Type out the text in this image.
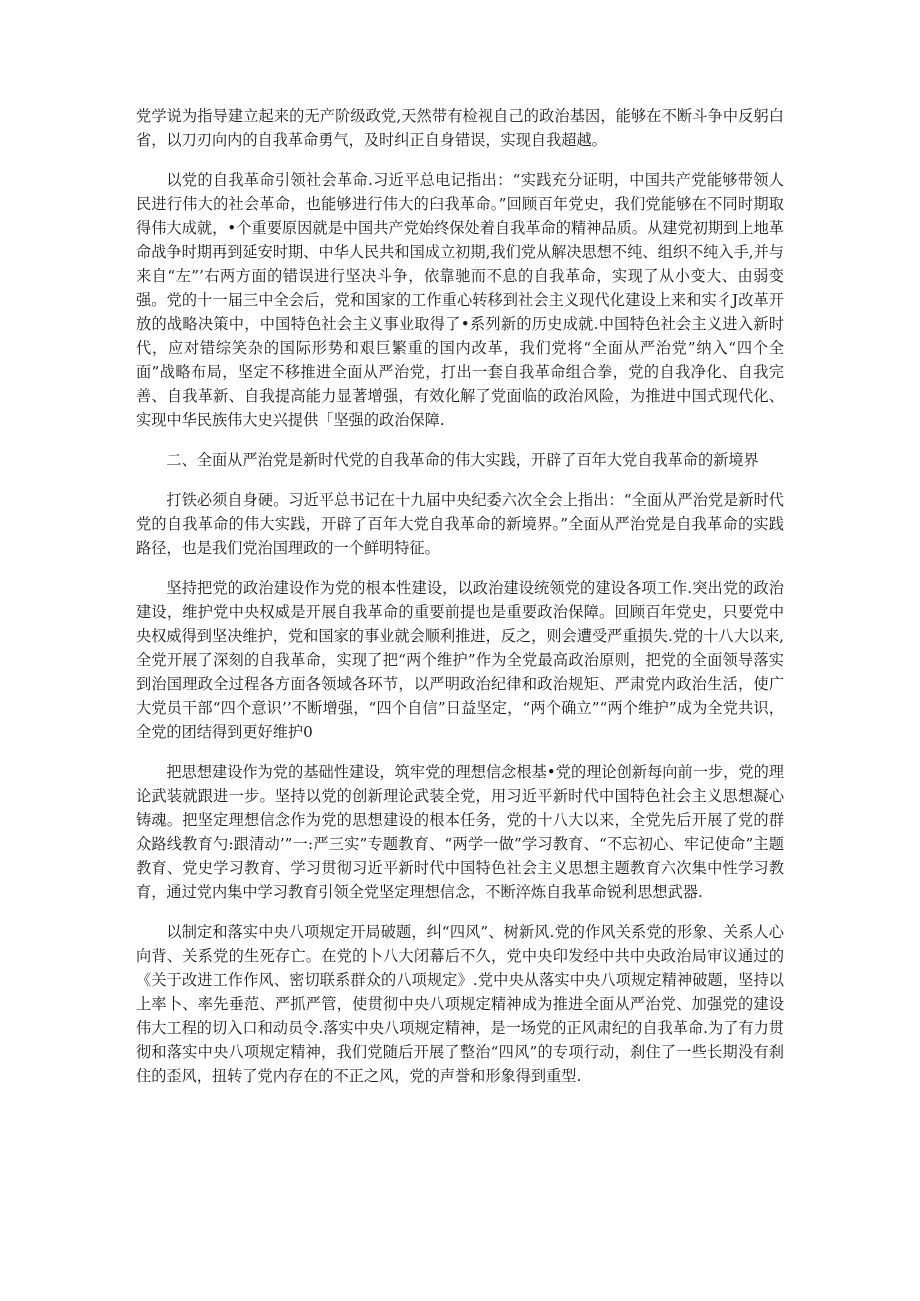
党学说为指导建立起来的无产阶级政党,天然带有检视自己的政治基因，能够在不断斗争中反躬白省，以刀刃向内的自我革命勇气，及时纠正自身错误，实现自我超越。

以党的自我革命引领社会革命.习近平总电记指出：“实践充分证明，中国共产党能够带领人民进行伟大的社会革命，也能够进行伟大的臼我革命。”回顾百年党史，我们党能够在不同时期取得伟大成就，•个重要原因就是中国共产党始终保处着自我革命的精神品质。从建党初期到上地革命战争时期再到延安时期、中华人民共和国成立初期,我们党从解决思想不纯、组织不纯入手,并与来自“左”’右两方面的错误进行坚决斗争，依靠驰而不息的自我革命，实现了从小变大、由弱变强。党的十一届三中全会后，党和国家的工作重心转移到社会主义现代化建设上来和实彳J改革开放的战略决策中，中国特色社会主义事业取得了•系列新的历史成就.中国特色社会主义进入新时代，应对错综笑杂的国际形势和艰巨繁重的国内改革，我们党将“全面从严治党”纳入“四个全面”战略布局，坚定不移推进全面从严治党，打出一套自我革命组合拳，党的自我净化、自我完善、自我革新、自我提高能力显著增强，有效化解了党面临的政治风险，为推进中国式现代化、实现中华民族伟大史兴提供「坚强的政治保障.

二、全面从严治党是新时代党的自我革命的伟大实践，开辟了百年大党自我革命的新境界

打铁必须自身硬。习近平总书记在十九届中央纪委六次全会上指出：“全面从严治党是新时代党的自我革命的伟大实践，开辟了百年大党自我革命的新境界。”全面从严治党是自我革命的实践路径，也是我们党治国理政的一个鲜明特征。

坚持把党的政治建设作为党的根本性建设，以政治建设统领党的建设各项工作.突出党的政治建设，维护党中央权威是开展自我革命的重要前提也是重要政治保障。回顾百年党史，只要党中央权威得到坚决维护，党和国家的事业就会顺利推进，反之，则会遭受严重损失.党的十八大以来,全党开展了深刻的自我革命，实现了把“两个维护”作为全党最高政治原则，把党的全面领导落实到治国理政全过程各方面各领域各环节，以严明政治纪律和政治规矩、严肃党内政治生活，使广大党员干部“四个意识’’不断增强，“四个自信”日益坚定，“两个确立”“两个维护”成为全党共识，全党的团结得到更好维护0

把思想建设作为党的基础性建设，筑牢党的理想信念根基•党的理论创新每向前一步，党的理论武装就跟进一步。坚持以党的创新理论武装全党，用习近平新时代中国特色社会主义思想凝心铸魂。把坚定理想信念作为党的思想建设的根本任务，党的十八大以来，全党先后开展了党的群众路线教育勺:跟清动’”一:严三实”专题教育、“两学一做”学习教育、“不忘初心、牢记使命”主题教育、党史学习教育、学习贯彻习近平新时代中国特色社会主义思想主题教育六次集中性学习教育，通过党内集中学习教育引领全党坚定理想信念，不断淬炼自我革命锐利思想武器.

以制定和落实中央八项规定开局破题，纠“四风”、树新风.党的作风关系党的形象、关系人心向背、关系党的生死存亡。在党的卜八大闭幕后不久，党中央印发经中共中央政治局审议通过的《关于改进工作作风、密切联系群众的八项规定》.党中央从落实中央八项规定精神破题，坚持以上率卜、率先垂范、严抓严管，使贯彻中央八项规定精神成为推进全面从严治党、加强党的建设伟大工程的切入口和动员令.落实中央八项规定精神，是一场党的正风肃纪的自我革命.为了有力贯彻和落实中央八项规定精神，我们党随后开展了整治“四风”的专项行动，刹住了一些长期没有刹住的歪风，扭转了党内存在的不正之风，党的声誉和形象得到重型.
